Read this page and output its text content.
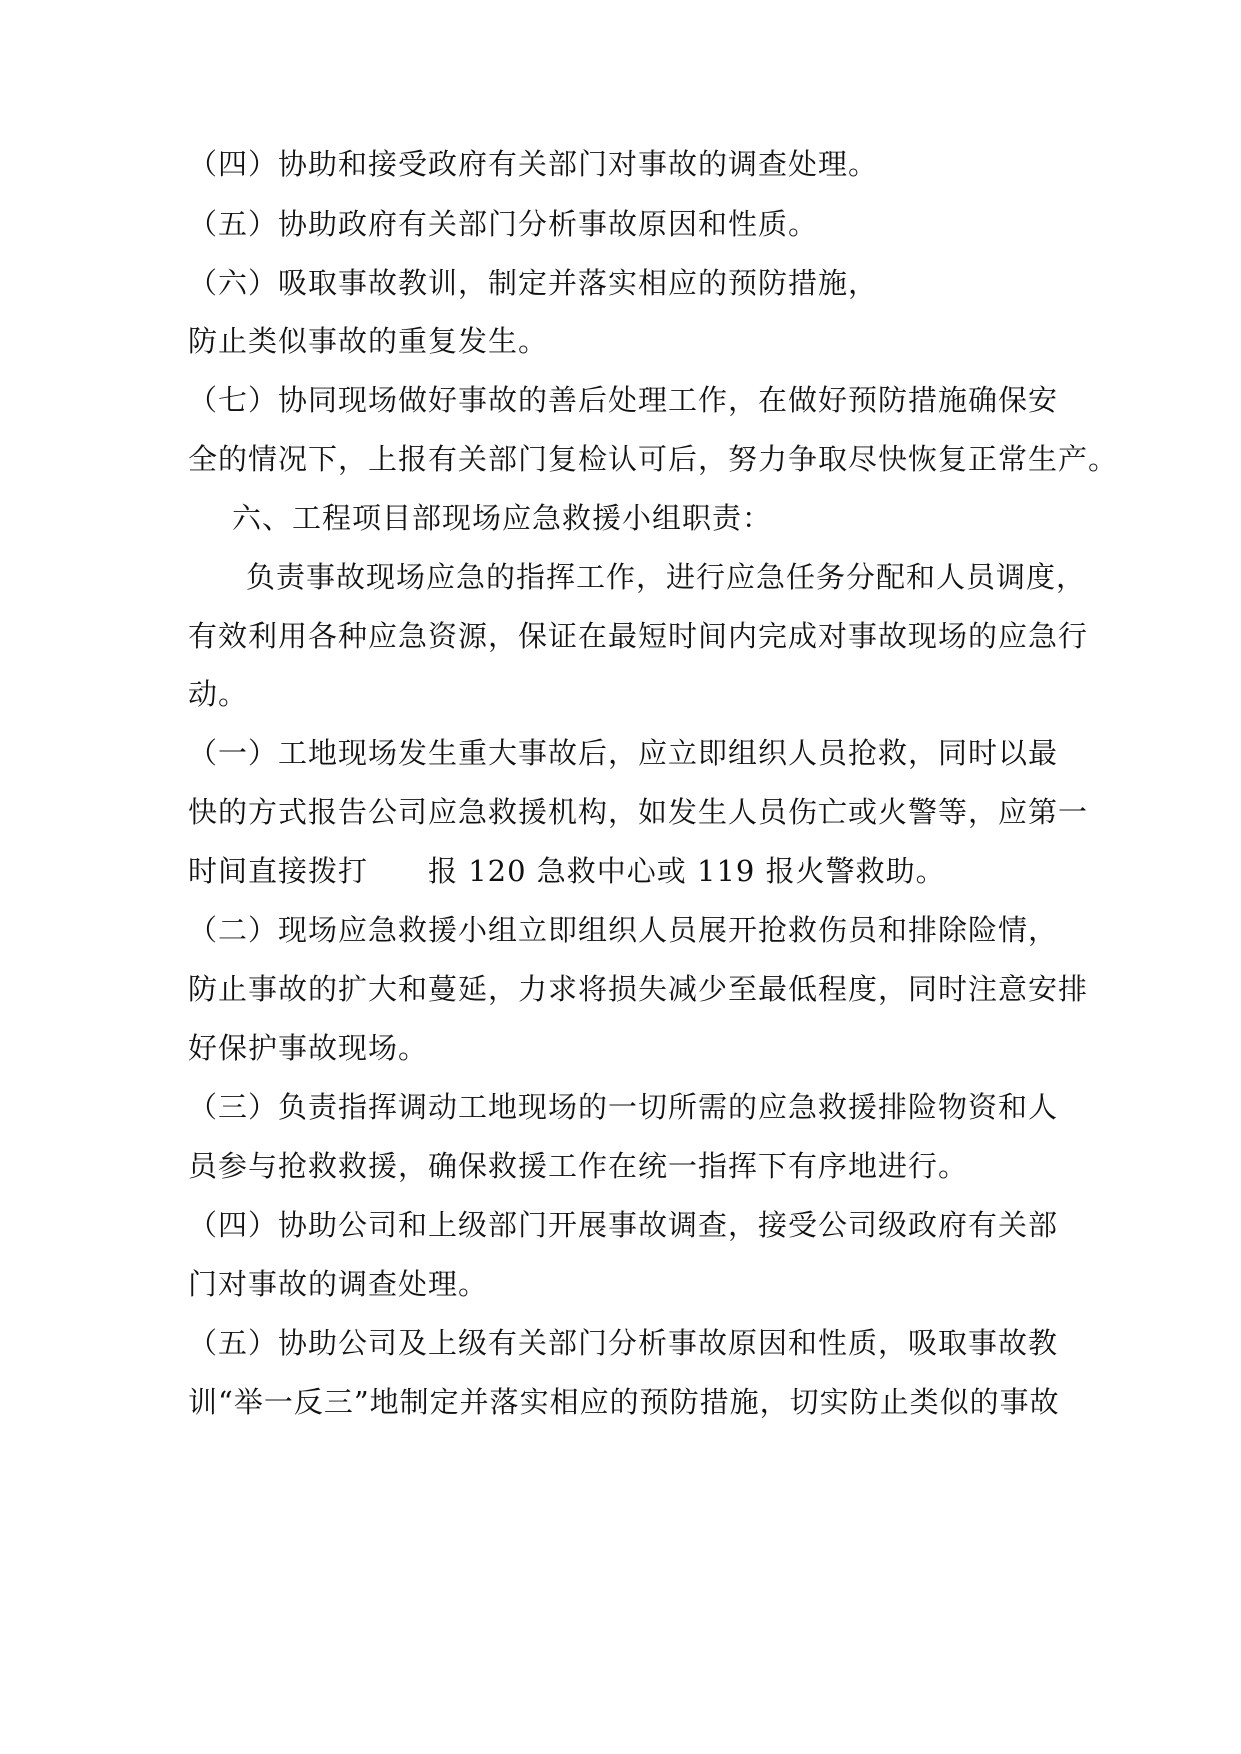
（四）协助和接受政府有关部门对事故的调查处理。
（五）协助政府有关部门分析事故原因和性质。
（六）吸取事故教训，制定并落实相应的预防措施，
防止类似事故的重复发生。
（七）协同现场做好事故的善后处理工作，在做好预防措施确保安
全的情况下，上报有关部门复检认可后，努力争取尽快恢复正常生产。
六、工程项目部现场应急救援小组职责：
负责事故现场应急的指挥工作，进行应急任务分配和人员调度，
有效利用各种应急资源，保证在最短时间内完成对事故现场的应急行
动。
（一）工地现场发生重大事故后，应立即组织人员抢救，同时以最
快的方式报告公司应急救援机构，如发生人员伤亡或火警等，应第一
时间直接拨打　　报 120 急救中心或 119 报火警救助。
（二）现场应急救援小组立即组织人员展开抢救伤员和排除险情，
防止事故的扩大和蔓延，力求将损失减少至最低程度，同时注意安排
好保护事故现场。
（三）负责指挥调动工地现场的一切所需的应急救援排险物资和人
员参与抢救救援，确保救援工作在统一指挥下有序地进行。
（四）协助公司和上级部门开展事故调查，接受公司级政府有关部
门对事故的调查处理。
（五）协助公司及上级有关部门分析事故原因和性质，吸取事故教
训“举一反三”地制定并落实相应的预防措施，切实防止类似的事故
